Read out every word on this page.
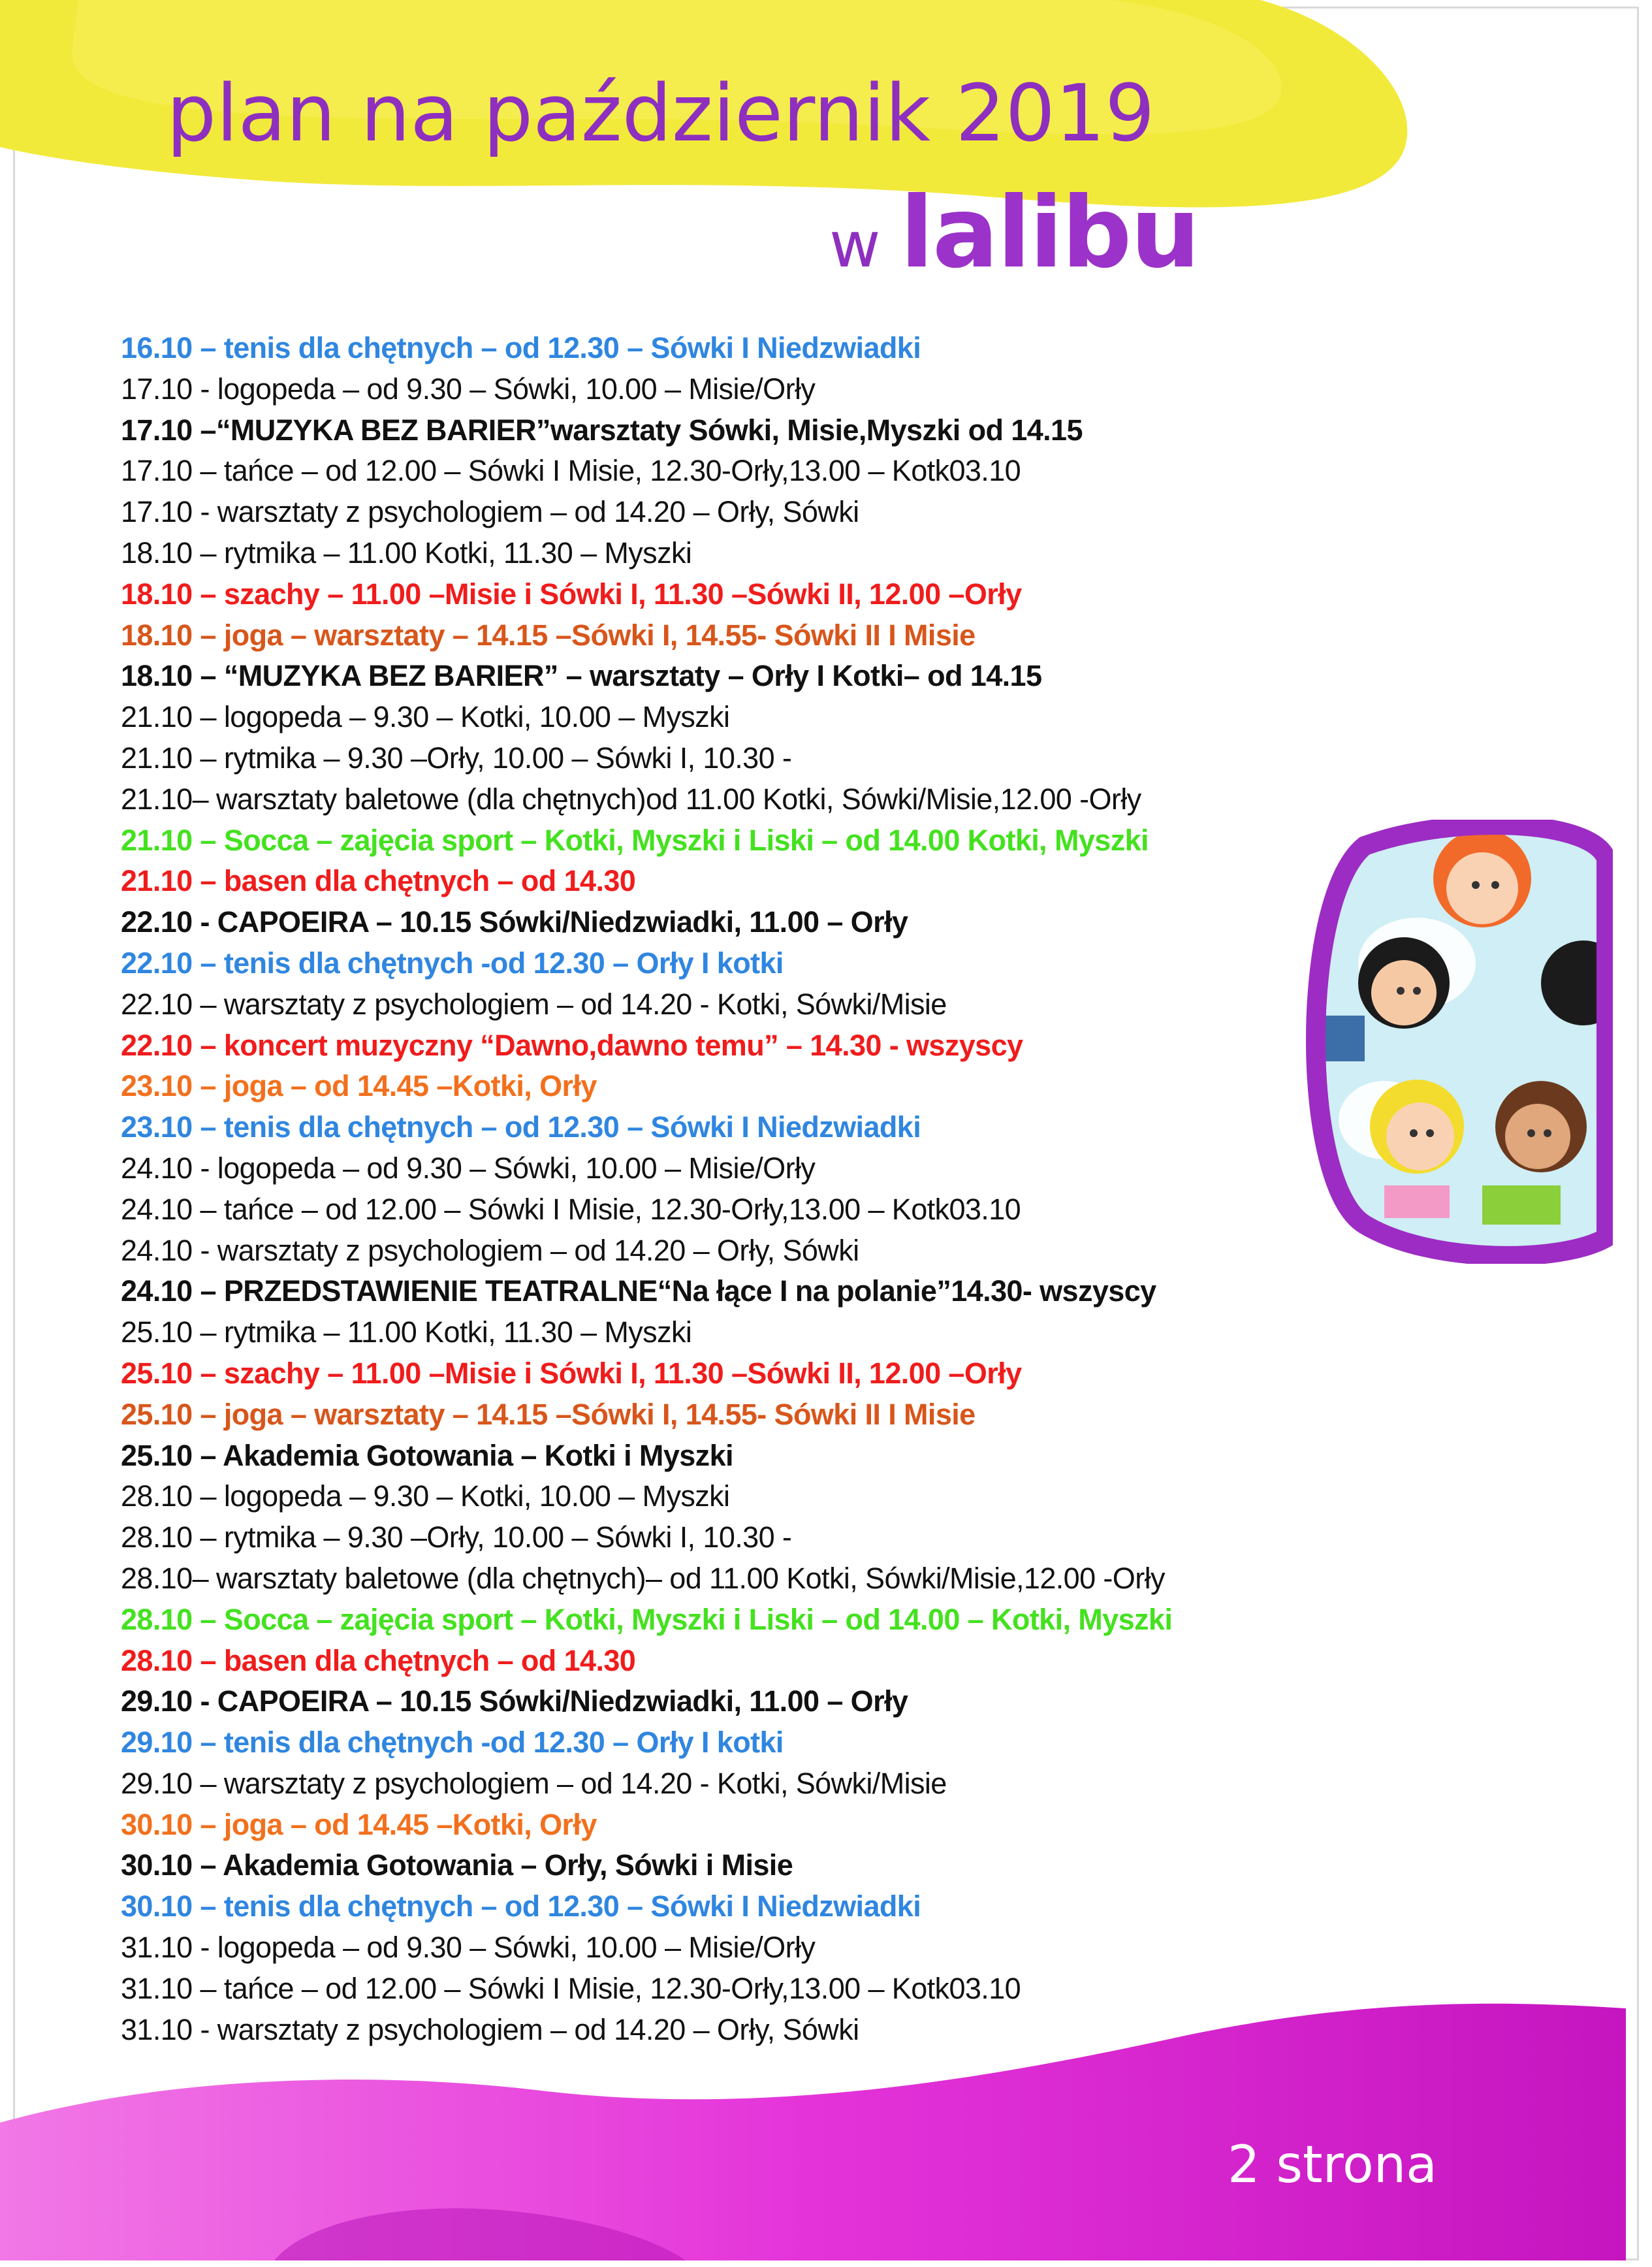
plan na październik 2019
w lalibu
16.10 – tenis dla chętnych – od 12.30 – Sówki I Niedzwiadki
17.10 - logopeda – od 9.30 – Sówki, 10.00 – Misie/Orły
17.10 –“MUZYKA BEZ BARIER”warsztaty Sówki, Misie,Myszki od 14.15
17.10 – tańce – od 12.00 – Sówki I Misie, 12.30-Orły,13.00 – Kotk03.10
17.10 - warsztaty z psychologiem – od 14.20 – Orły, Sówki
18.10 – rytmika – 11.00 Kotki, 11.30 – Myszki
18.10 – szachy – 11.00 –Misie i Sówki I, 11.30 –Sówki II, 12.00 –Orły
18.10 – joga – warsztaty – 14.15 –Sówki I, 14.55- Sówki II I Misie
18.10 – “MUZYKA BEZ BARIER” – warsztaty – Orły I Kotki– od 14.15
21.10 – logopeda – 9.30 – Kotki, 10.00 – Myszki
21.10 – rytmika – 9.30 –Orły, 10.00 – Sówki I, 10.30 -
21.10– warsztaty baletowe (dla chętnych)od 11.00 Kotki, Sówki/Misie,12.00 -Orły
21.10 – Socca – zajęcia sport – Kotki, Myszki i Liski – od 14.00 Kotki, Myszki
21.10 – basen dla chętnych – od 14.30
22.10 - CAPOEIRA – 10.15 Sówki/Niedzwiadki, 11.00 – Orły
22.10 – tenis dla chętnych -od 12.30 – Orły I kotki
22.10 – warsztaty z psychologiem – od 14.20 - Kotki, Sówki/Misie
22.10 – koncert muzyczny “Dawno,dawno temu” – 14.30 - wszyscy
23.10 – joga – od 14.45 –Kotki, Orły
23.10 – tenis dla chętnych – od 12.30 – Sówki I Niedzwiadki
24.10 - logopeda – od 9.30 – Sówki, 10.00 – Misie/Orły
24.10 – tańce – od 12.00 – Sówki I Misie, 12.30-Orły,13.00 – Kotk03.10
24.10 - warsztaty z psychologiem – od 14.20 – Orły, Sówki
24.10 – PRZEDSTAWIENIE TEATRALNE“Na łące I na polanie”14.30- wszyscy
25.10 – rytmika – 11.00 Kotki, 11.30 – Myszki
25.10 – szachy – 11.00 –Misie i Sówki I, 11.30 –Sówki II, 12.00 –Orły
25.10 – joga – warsztaty – 14.15 –Sówki I, 14.55- Sówki II I Misie
25.10 – Akademia Gotowania – Kotki i Myszki
28.10 – logopeda – 9.30 – Kotki, 10.00 – Myszki
28.10 – rytmika – 9.30 –Orły, 10.00 – Sówki I, 10.30 -
28.10– warsztaty baletowe (dla chętnych)– od 11.00 Kotki, Sówki/Misie,12.00 -Orły
28.10 – Socca – zajęcia sport – Kotki, Myszki i Liski – od 14.00 – Kotki, Myszki
28.10 – basen dla chętnych – od 14.30
29.10 - CAPOEIRA – 10.15 Sówki/Niedzwiadki, 11.00 – Orły
29.10 – tenis dla chętnych -od 12.30 – Orły I kotki
29.10 – warsztaty z psychologiem – od 14.20 - Kotki, Sówki/Misie
30.10 – joga – od 14.45 –Kotki, Orły
30.10 – Akademia Gotowania – Orły, Sówki i Misie
30.10 – tenis dla chętnych – od 12.30 – Sówki I Niedzwiadki
31.10 - logopeda – od 9.30 – Sówki, 10.00 – Misie/Orły
31.10 – tańce – od 12.00 – Sówki I Misie, 12.30-Orły,13.00 – Kotk03.10
31.10 - warsztaty z psychologiem – od 14.20 – Orły, Sówki
2 strona
